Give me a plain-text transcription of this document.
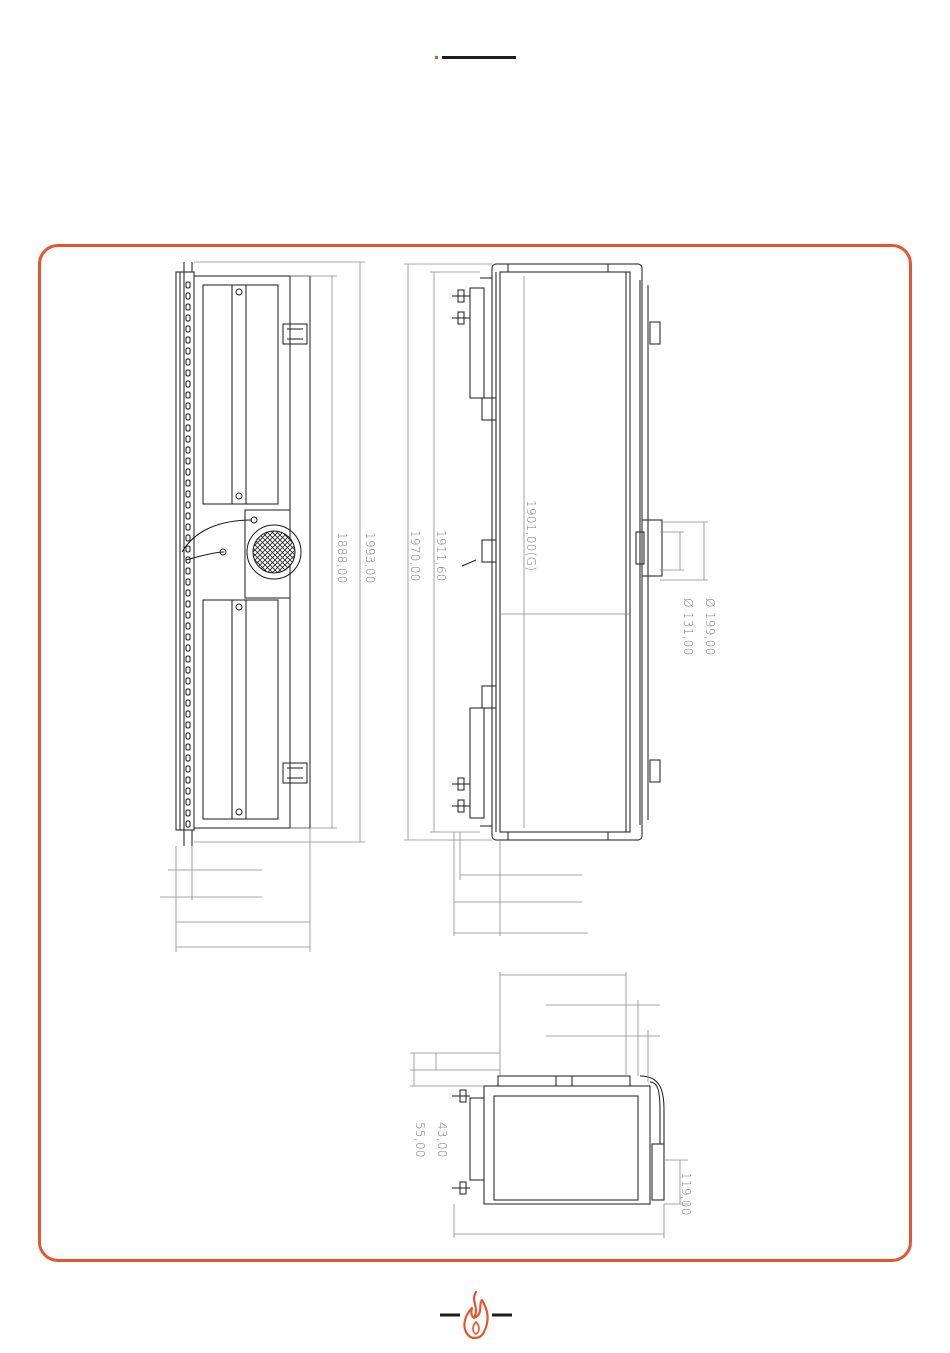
1888,00 1993,00	1970,00 1911,60	1901,00(G)
Ø 199,00
Ø 131,00
43,00
55,00
119,00
